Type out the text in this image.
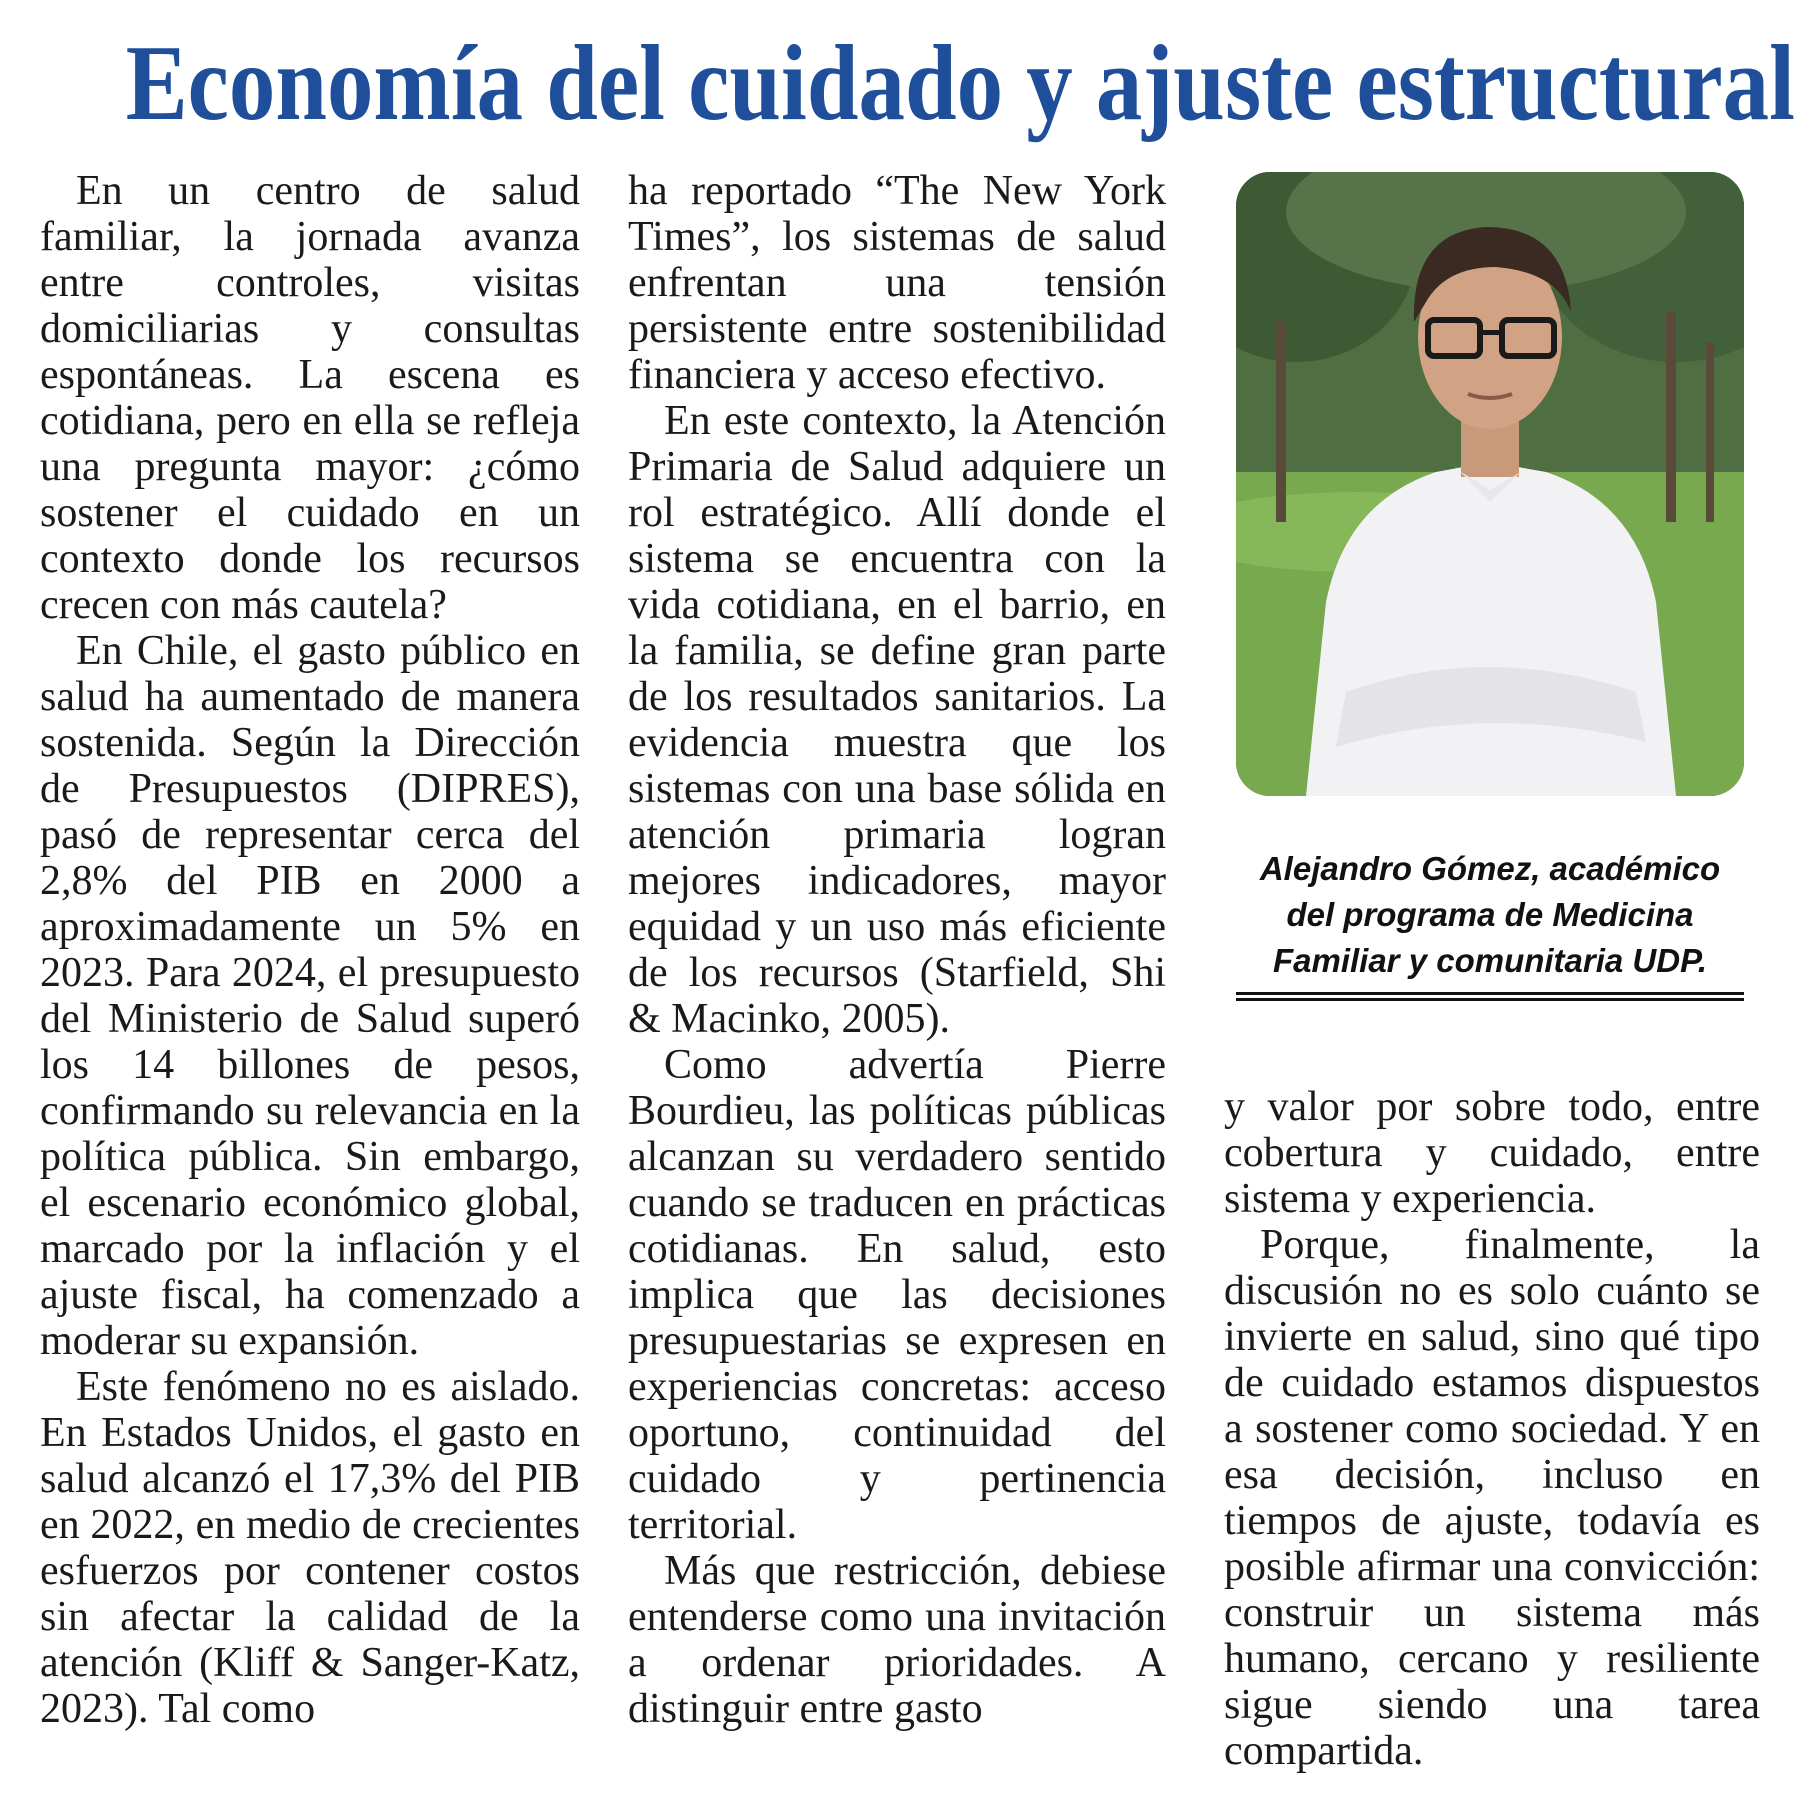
Economía del cuidado y ajuste estructural

En un centro de salud familiar, la jornada avanza entre controles, visitas domiciliarias y consultas espontáneas. La escena es cotidiana, pero en ella se refleja una pregunta mayor: ¿cómo sostener el cuidado en un contexto donde los recursos crecen con más cautela?

En Chile, el gasto público en salud ha aumentado de manera sostenida. Según la Dirección de Presupuestos (DIPRES), pasó de representar cerca del 2,8% del PIB en 2000 a aproximadamente un 5% en 2023. Para 2024, el presupuesto del Ministerio de Salud superó los 14 billones de pesos, confirmando su relevancia en la política pública. Sin embargo, el escenario económico global, marcado por la inflación y el ajuste fiscal, ha comenzado a moderar su expansión.

Este fenómeno no es aislado. En Estados Unidos, el gasto en salud alcanzó el 17,3% del PIB en 2022, en medio de crecientes esfuerzos por contener costos sin afectar la calidad de la atención (Kliff & Sanger-Katz, 2023). Tal como

ha reportado “The New York Times”, los sistemas de salud enfrentan una tensión persistente entre sostenibilidad financiera y acceso efectivo.

En este contexto, la Atención Primaria de Salud adquiere un rol estratégico. Allí donde el sistema se encuentra con la vida cotidiana, en el barrio, en la familia, se define gran parte de los resultados sanitarios. La evidencia muestra que los sistemas con una base sólida en atención primaria logran mejores indicadores, mayor equidad y un uso más eficiente de los recursos (Starfield, Shi & Macinko, 2005).

Como advertía Pierre Bourdieu, las políticas públicas alcanzan su verdadero sentido cuando se traducen en prácticas cotidianas. En salud, esto implica que las decisiones presupuestarias se expresen en experiencias concretas: acceso oportuno, continuidad del cuidado y pertinencia territorial.

Más que restricción, debiese entenderse como una invitación a ordenar prioridades. A distinguir entre gasto

Alejandro Gómez, académico del programa de Medicina Familiar y comunitaria UDP.

y valor por sobre todo, entre cobertura y cuidado, entre sistema y experiencia.

Porque, finalmente, la discusión no es solo cuánto se invierte en salud, sino qué tipo de cuidado estamos dispuestos a sostener como sociedad. Y en esa decisión, incluso en tiempos de ajuste, todavía es posible afirmar una convicción: construir un sistema más humano, cercano y resiliente sigue siendo una tarea compartida.
